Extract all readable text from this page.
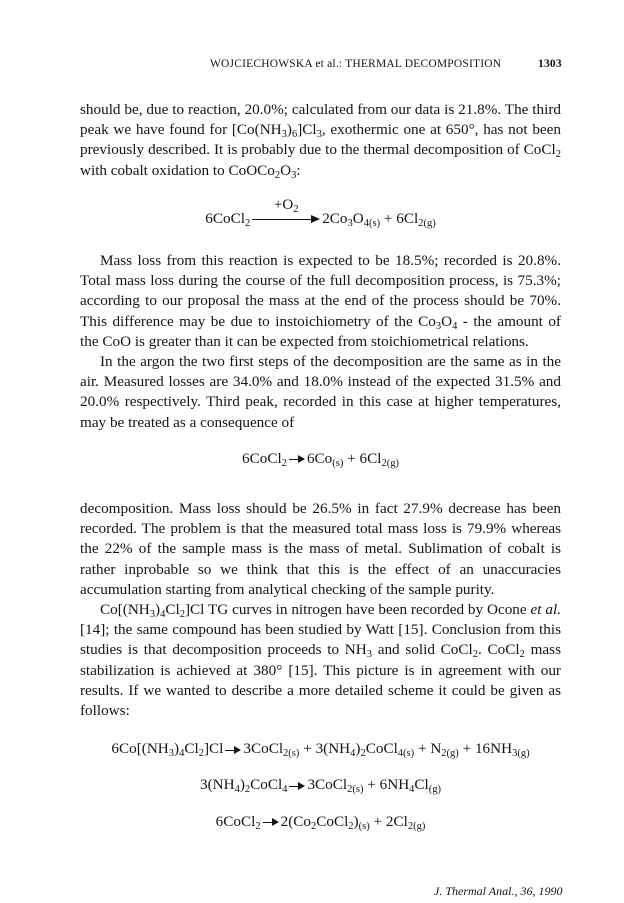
WOJCIECHOWSKA et al.: THERMAL DECOMPOSITION	1303

should be, due to reaction, 20.0%; calculated from our data is 21.8%. The third peak we have found for $[Co(NH_3)_6]Cl_3$, exothermic one at 650°, has not been previously described. It is probably due to the thermal decomposition of CoCl$_2$ with cobalt oxidation to $CoOCo_2O_3$:

6CoCl$_2$
$+O_2$	$2Co_3O_{4(s)} + 6Cl_{2(g)}$

Mass loss from this reaction is expected to be 18.5%; recorded is 20.8%. Total mass loss during the course of the full decomposition process, is 75.3%; according to our proposal the mass at the end of the process should be 70%. This difference may be due to instoichiometry of the $Co_3O_4$ - the amount of the CoO is greater than it can be expected from stoichiometrical relations.

In the argon the two first steps of the decomposition are the same as in the air. Measured losses are 34.0% and 18.0% instead of the expected 31.5% and 20.0% respectively. Third peak, recorded in this case at higher temperatures, may be treated as a consequence of

6CoCl$_2$ $6Co_{(s)} + 6Cl_{2(g)}$

decomposition. Mass loss should be 26.5% in fact 27.9% decrease has been recorded. The problem is that the measured total mass loss is 79.9% whereas the 22% of the sample mass is the mass of metal. Sublimation of cobalt is rather inprobable so we think that this is the effect of an unaccuracies accumulation starting from analytical checking of the sample purity.

$Co[(NH_3)_4Cl_2]Cl$ TG curves in nitrogen have been recorded by Ocone et al. [14]; the same compound has been studied by Watt [15]. Conclusion from this studies is that decomposition proceeds to $NH_3$ and solid CoCl$_2$. CoCl$_2$ mass stabilization is achieved at 380° [15]. This picture is in agreement with our results. If we wanted to describe a more detailed scheme it could be given as follows:

$6Co[(NH_3)_4Cl_2]Cl$ 3CoCl$_{2(s)}$ + $3(NH_4)_2CoCl_{4(s)} + N_{2(g)} + 16NH_{3(g)}$

$3(NH_4)_2CoCl_4$ 3CoCl$_{2(s)}$ + $6NH_4Cl_{(g)}$

6CoCl$_2$ $2(Co_2CoCl_2)_{(s)} + 2Cl_{2(g)}$

J. Thermal Anal., 36, 1990
